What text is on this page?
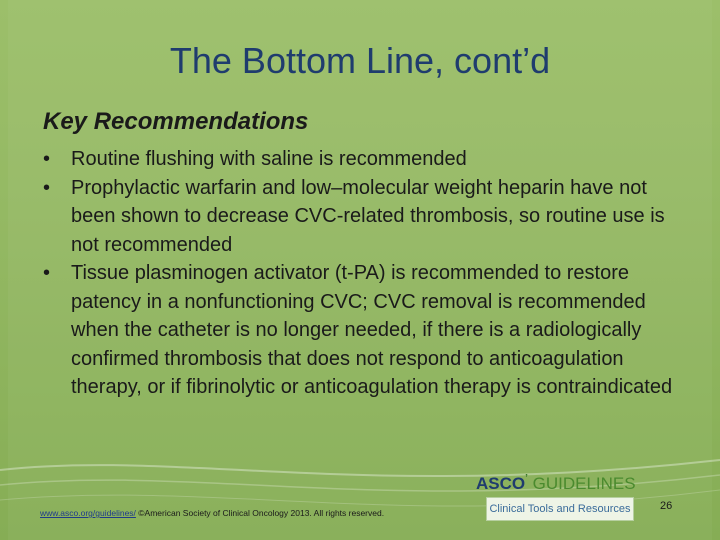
The Bottom Line, cont’d
Key Recommendations
•	Routine flushing with saline is recommended
•	Prophylactic warfarin and low–molecular weight heparin have not been shown to decrease CVC-related thrombosis, so routine use is not recommended
•	Tissue plasminogen activator (t-PA) is recommended to restore patency in a nonfunctioning CVC; CVC removal is recommended when the catheter is no longer needed, if there is a radiologically confirmed thrombosis that does not respond to anticoagulation therapy, or if fibrinolytic or anticoagulation therapy is contraindicated
www.asco.org/guidelines/ ©American Society of Clinical Oncology 2013. All rights reserved.
ASCO’ GUIDELINES
Clinical Tools and Resources	26
